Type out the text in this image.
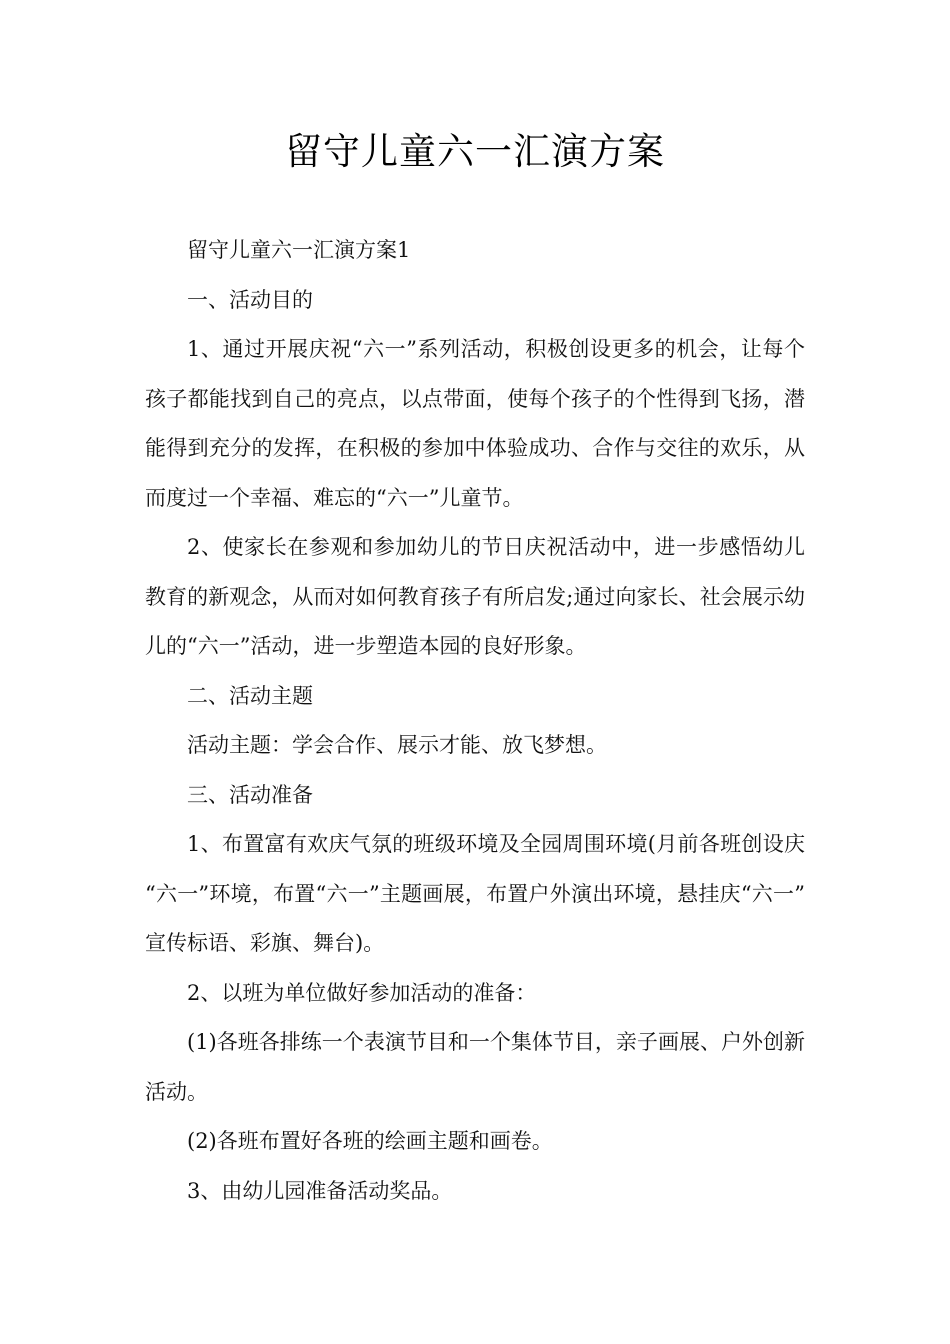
留守儿童六一汇演方案

留守儿童六一汇演方案1

一、活动目的

1、通过开展庆祝“六一”系列活动，积极创设更多的机会，让每个孩子都能找到自己的亮点，以点带面，使每个孩子的个性得到飞扬，潜能得到充分的发挥，在积极的参加中体验成功、合作与交往的欢乐，从而度过一个幸福、难忘的“六一”儿童节。

2、使家长在参观和参加幼儿的节日庆祝活动中，进一步感悟幼儿教育的新观念，从而对如何教育孩子有所启发;通过向家长、社会展示幼儿的“六一”活动，进一步塑造本园的良好形象。

二、活动主题

活动主题：学会合作、展示才能、放飞梦想。

三、活动准备

1、布置富有欢庆气氛的班级环境及全园周围环境(月前各班创设庆“六一”环境，布置“六一”主题画展，布置户外演出环境，悬挂庆“六一”宣传标语、彩旗、舞台)。

2、以班为单位做好参加活动的准备：

(1)各班各排练一个表演节目和一个集体节目，亲子画展、户外创新活动。

(2)各班布置好各班的绘画主题和画卷。

3、由幼儿园准备活动奖品。
